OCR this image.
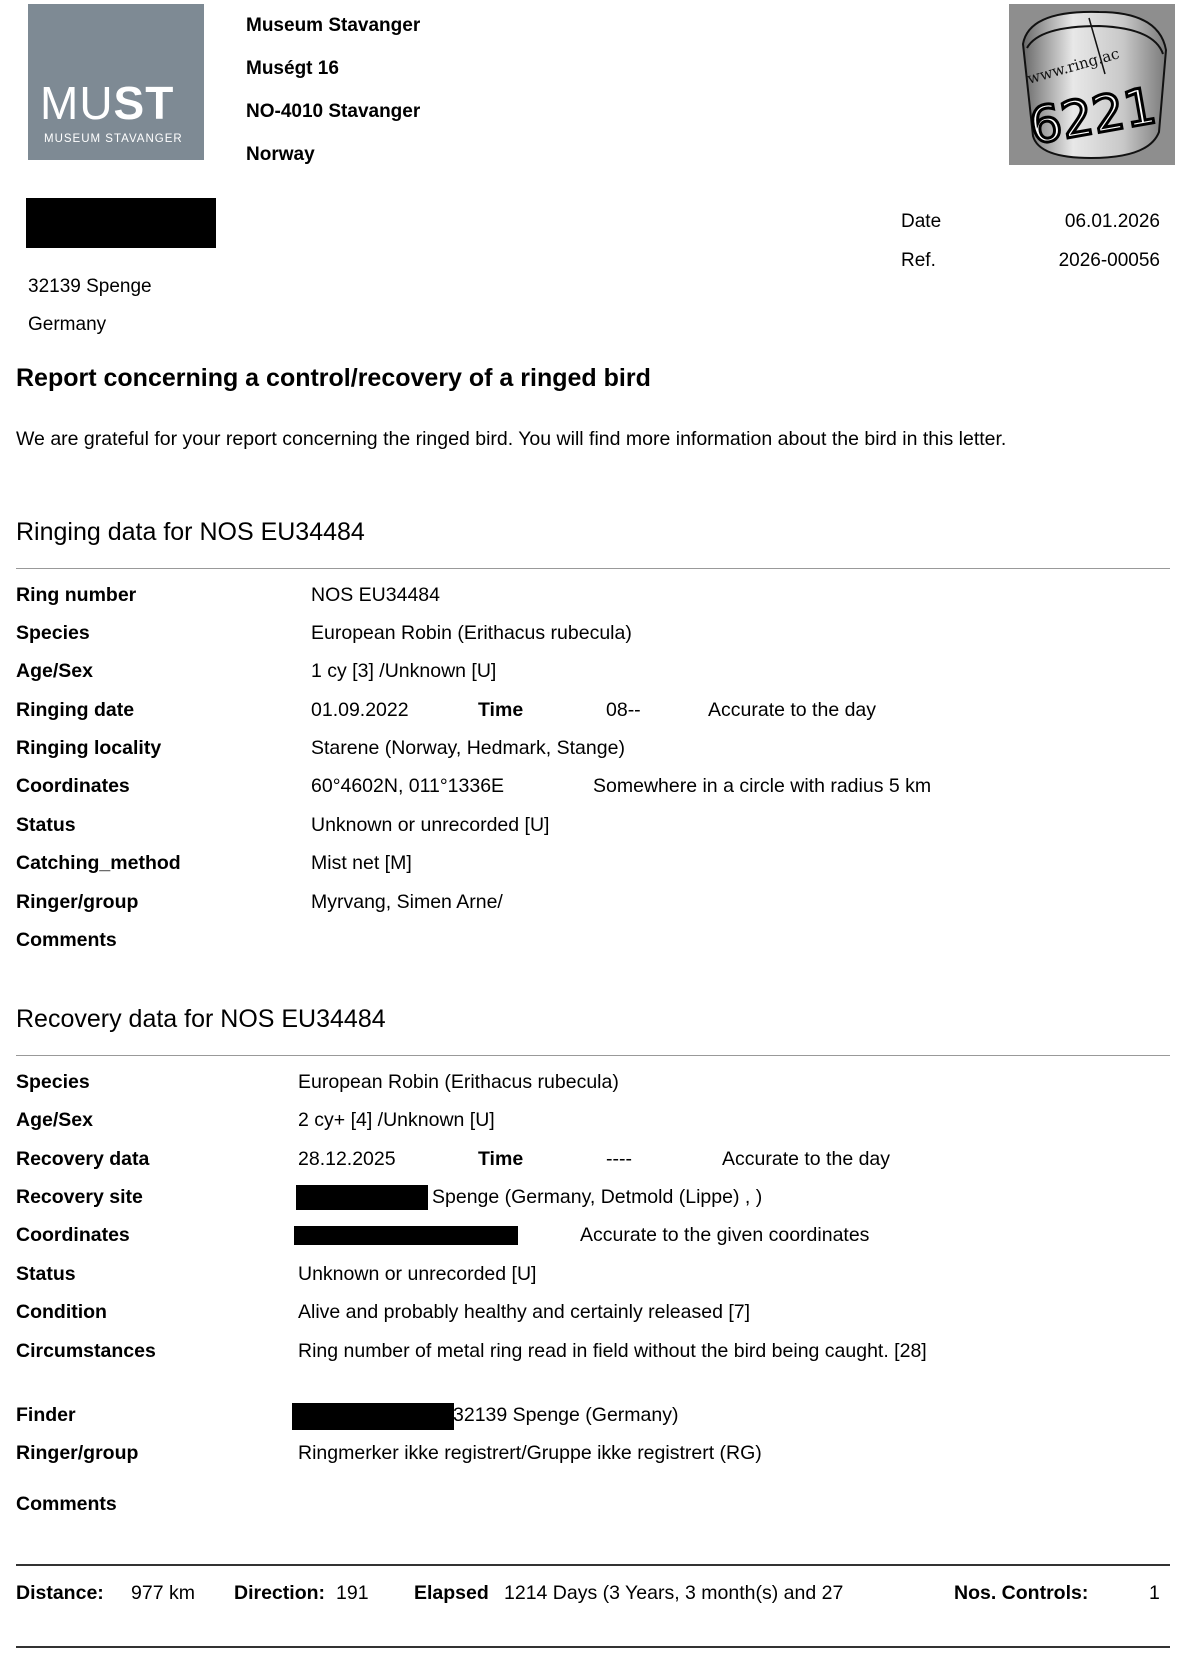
MUST
MUSEUM STAVANGER
Museum Stavanger
Muségt 16
NO-4010 Stavanger
Norway
www.ring.ac
6221
32139 Spenge
Germany
Date	06.01.2026
Ref.	2026-00056
Report concerning a control/recovery of a ringed bird
We are grateful for your report concerning the ringed bird. You will find more information about the bird in this letter.
Ringing data for NOS EU34484
Ring number	NOS EU34484
Species	European Robin (Erithacus rubecula)
Age/Sex	1 cy [3] /Unknown [U]
Ringing date	01.09.2022	Time	08--	Accurate to the day
Ringing locality	Starene (Norway, Hedmark, Stange)
Coordinates	60°4602N, 011°1336E	Somewhere in a circle with radius 5 km
Status	Unknown or unrecorded [U]
Catching_method	Mist net [M]
Ringer/group	Myrvang, Simen Arne/
Comments
Recovery data for NOS EU34484
Species	European Robin (Erithacus rubecula)
Age/Sex	2 cy+ [4] /Unknown [U]
Recovery data	28.12.2025	Time	----	Accurate to the day
Recovery site	Spenge (Germany, Detmold (Lippe) , )
Coordinates	Accurate to the given coordinates
Status	Unknown or unrecorded [U]
Condition	Alive and probably healthy and certainly released [7]
Circumstances	Ring number of metal ring read in field without the bird being caught. [28]
Finder	32139 Spenge (Germany)
Ringer/group	Ringmerker ikke registrert/Gruppe ikke registrert (RG)
Comments
Distance: 977 km Direction: 191 Elapsed 1214 Days (3 Years, 3 month(s) and 27	Nos. Controls:	1
